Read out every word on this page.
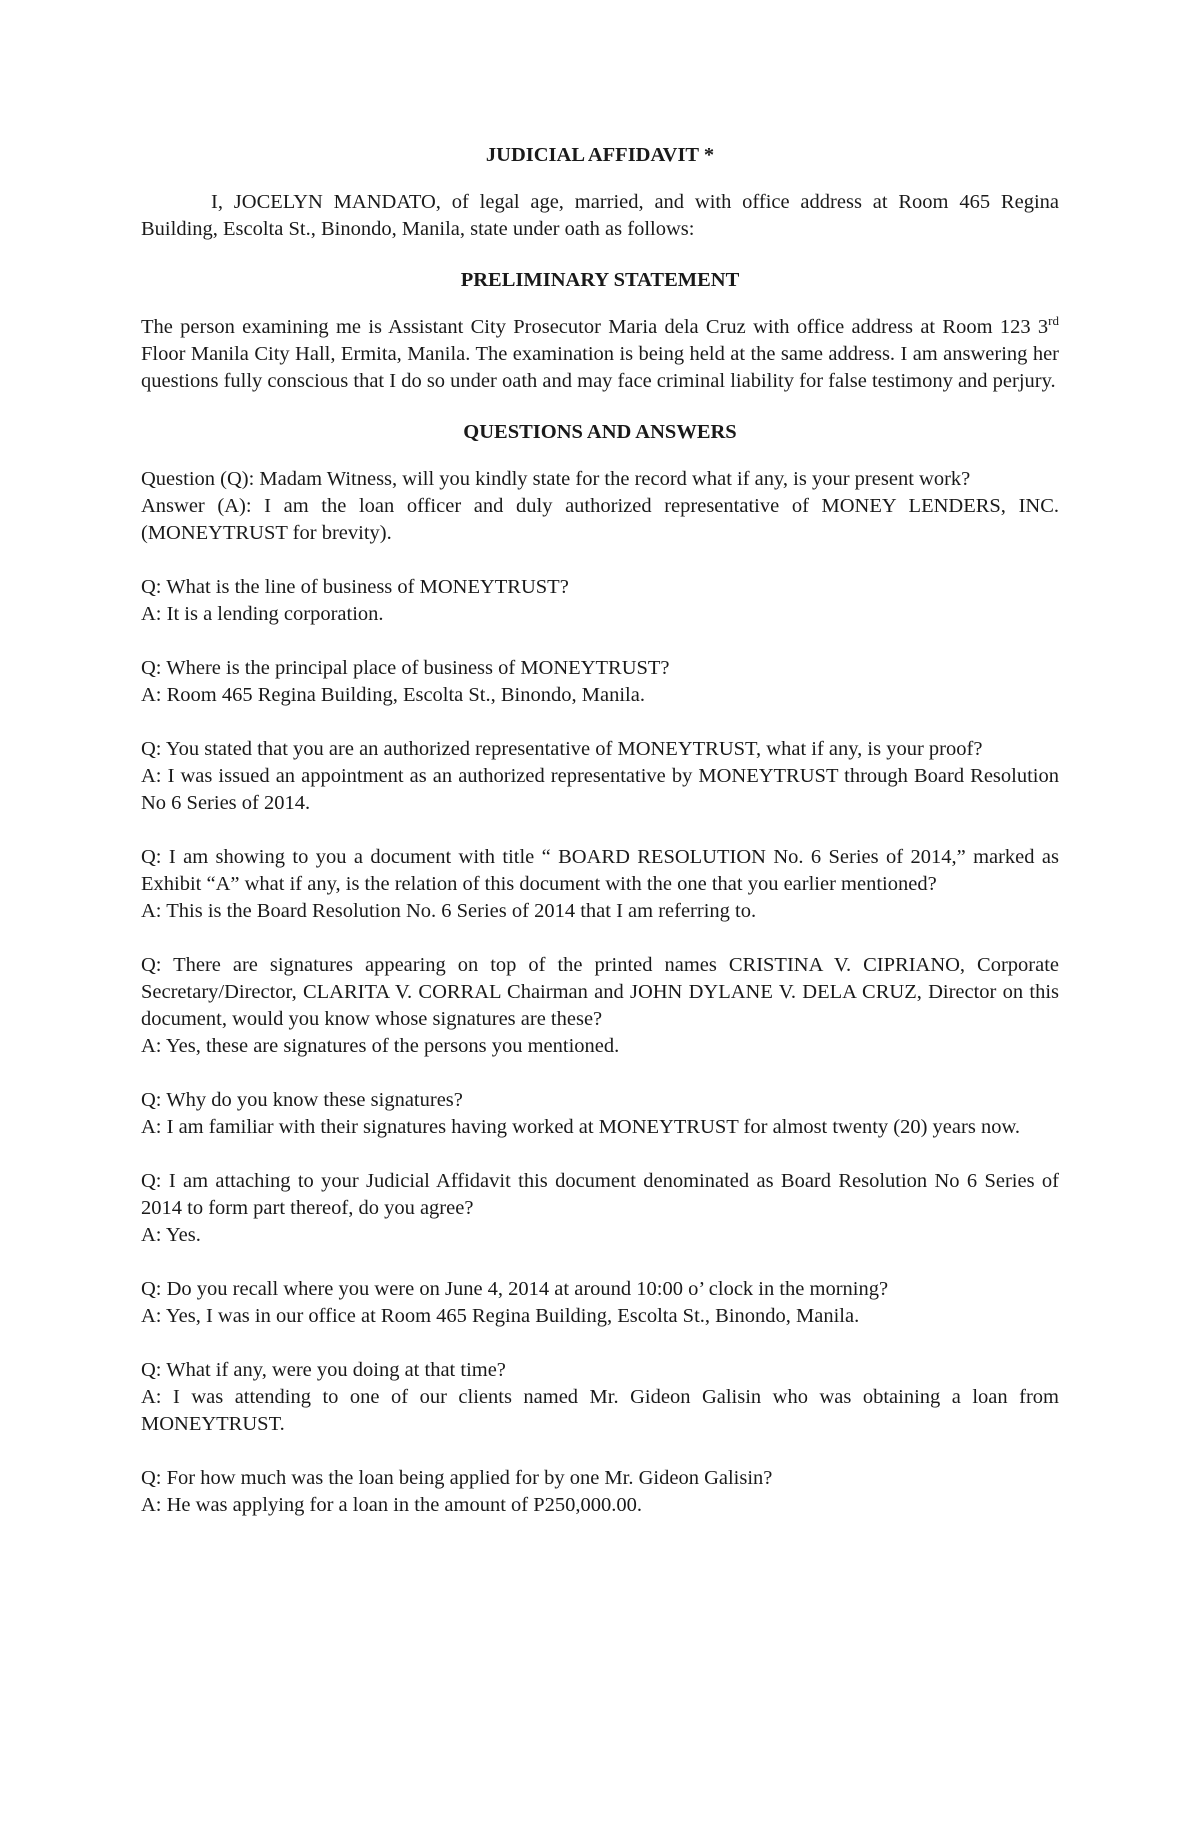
JUDICIAL AFFIDAVIT *

I, JOCELYN MANDATO, of legal age, married, and with office address at Room 465 Regina Building, Escolta St., Binondo, Manila, state under oath as follows:

PRELIMINARY STATEMENT

The person examining me is Assistant City Prosecutor Maria dela Cruz with office address at Room 123 3rd Floor Manila City Hall, Ermita, Manila. The examination is being held at the same address. I am answering her questions fully conscious that I do so under oath and may face criminal liability for false testimony and perjury.

QUESTIONS AND ANSWERS

Question (Q): Madam Witness, will you kindly state for the record what if any, is your present work?

Answer (A): I am the loan officer and duly authorized representative of MONEY LENDERS, INC. (MONEYTRUST for brevity).

Q: What is the line of business of MONEYTRUST?

A: It is a lending corporation.

Q: Where is the principal place of business of MONEYTRUST?

A: Room 465 Regina Building, Escolta St., Binondo, Manila.

Q: You stated that you are an authorized representative of MONEYTRUST, what if any, is your proof?

A: I was issued an appointment as an authorized representative by MONEYTRUST through Board Resolution No 6 Series of 2014.

Q: I am showing to you a document with title “ BOARD RESOLUTION No. 6 Series of 2014,” marked as Exhibit “A” what if any, is the relation of this document with the one that you earlier mentioned?

A: This is the Board Resolution No. 6 Series of 2014 that I am referring to.

Q: There are signatures appearing on top of the printed names CRISTINA V. CIPRIANO, Corporate Secretary/Director, CLARITA V. CORRAL Chairman and JOHN DYLANE V. DELA CRUZ, Director on this document, would you know whose signatures are these?

A: Yes, these are signatures of the persons you mentioned.

Q: Why do you know these signatures?

A: I am familiar with their signatures having worked at MONEYTRUST for almost twenty (20) years now.

Q: I am attaching to your Judicial Affidavit this document denominated as Board Resolution No 6 Series of 2014 to form part thereof, do you agree?

A: Yes.

Q: Do you recall where you were on June 4, 2014 at around 10:00 o’ clock in the morning?

A: Yes, I was in our office at Room 465 Regina Building, Escolta St., Binondo, Manila.

Q: What if any, were you doing at that time?

A: I was attending to one of our clients named Mr. Gideon Galisin who was obtaining a loan from MONEYTRUST.

Q: For how much was the loan being applied for by one Mr. Gideon Galisin?

A: He was applying for a loan in the amount of P250,000.00.
